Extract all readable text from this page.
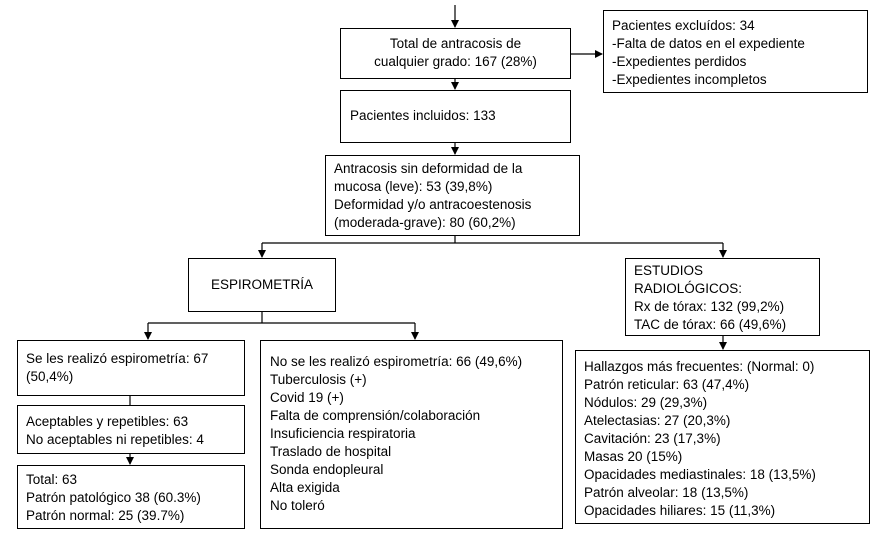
Total de antracosis de
cualquier grado: 167 (28%)
Pacientes excluídos: 34
-Falta de datos en el expediente
-Expedientes perdidos
-Expedientes incompletos
Pacientes incluidos: 133
Antracosis sin deformidad de la
mucosa (leve): 53 (39,8%)
Deformidad y/o antracoestenosis
(moderada-grave): 80 (60,2%)
ESPIROMETRÍA
ESTUDIOS
RADIOLÓGICOS:
Rx de tórax: 132 (99,2%)
TAC de tórax: 66 (49,6%)
Se les realizó espirometría: 67
(50,4%)
No se les realizó espirometría: 66 (49,6%)
Tuberculosis (+)
Covid 19 (+)
Falta de comprensión/colaboración
Insuficiencia respiratoria
Traslado de hospital
Sonda endopleural
Alta exigida
No toleró
Aceptables y repetibles: 63
No aceptables ni repetibles: 4
Total: 63
Patrón patológico 38 (60.3%)
Patrón normal: 25 (39.7%)
Hallazgos más frecuentes: (Normal: 0)
Patrón reticular: 63 (47,4%)
Nódulos: 29 (29,3%)
Atelectasias: 27 (20,3%)
Cavitación: 23 (17,3%)
Masas 20 (15%)
Opacidades mediastinales: 18 (13,5%)
Patrón alveolar: 18 (13,5%)
Opacidades hiliares: 15 (11,3%)
